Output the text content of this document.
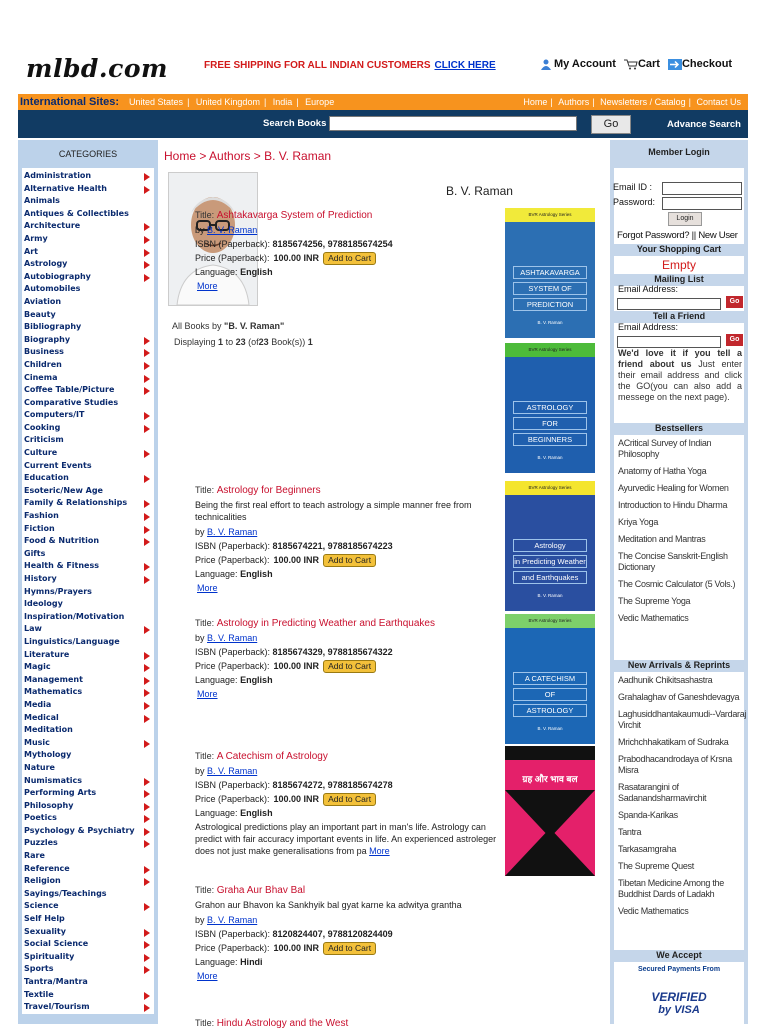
mlbd.com	FREE SHIPPING FOR ALL INDIAN CUSTOMERS CLICK HERE	My Account	Cart	Checkout
International Sites:	United States | United Kingdom | India | Europe	Home | Authors | Newsletters / Catalog | Contact Us
Search Books	Go	Advance Search
CATEGORIES
Administration
Alternative Health
Animals
Antiques & Collectibles
Architecture
Army
Art
Astrology
Autobiography
Automobiles
Aviation
Beauty
Bibliography
Biography
Business
Children
Cinema
Coffee Table/Picture
Comparative Studies
Computers/IT
Cooking
Criticism
Culture
Current Events
Education
Esoteric/New Age
Family & Relationships
Fashion
Fiction
Food & Nutrition
Gifts
Health & Fitness
History
Hymns/Prayers
Ideology
Inspiration/Motivation
Law
Linguistics/Language
Literature
Magic
Management
Mathematics
Media
Medical
Meditation
Music
Mythology
Nature
Numismatics
Performing Arts
Philosophy
Poetics
Psychology & Psychiatry
Puzzles
Rare
Reference
Religion
Sayings/Teachings
Science
Self Help
Sexuality
Social Science
Spirituality
Sports
Tantra/Mantra
Textile
Travel/Tourism
Home > Authors > B. V. Raman
B. V. Raman
All Books by "B. V. Raman"
Displaying 1 to 23 (of23 Book(s)) 1
Title: Ashtakavarga System of Prediction
by B. V. Raman
ISBN (Paperback): 8185674256, 9788185674254
Price (Paperback): 100.00 INR	Add to Cart
Language: English
More
Title: Astrology for Beginners
Being the first real effort to teach astrology a simple manner free from technicalities
by B. V. Raman
ISBN (Paperback): 8185674221, 9788185674223
Price (Paperback): 100.00 INR	Add to Cart
Language: English
More
Title: Astrology in Predicting Weather and Earthquakes
by B. V. Raman
ISBN (Paperback): 8185674329, 9788185674322
Price (Paperback): 100.00 INR	Add to Cart
Language: English
More
Title: A Catechism of Astrology
by B. V. Raman
ISBN (Paperback): 8185674272, 9788185674278
Price (Paperback): 100.00 INR	Add to Cart
Language: English
Astrological predictions play an important part in man's life. Astrology can predict with fair accuracy important events in life. An experienced astroleger does not just make generalisations from pa More
Title: Graha Aur Bhav Bal
Grahon aur Bhavon ka Sankhyik bal gyat karne ka adwitya grantha
by B. V. Raman
ISBN (Paperback): 8120824407, 9788120824409
Price (Paperback): 100.00 INR	Add to Cart
Language: Hindi
More
Title: Hindu Astrology and the West
BVR Astrology Series
ASHTAKAVARGA
SYSTEM OF
PREDICTION
B. V. Raman
BVR Astrology Series
ASTROLOGY
FOR
BEGINNERS
B. V. Raman
BVR Astrology Series
Astrology
in Predicting Weather
and Earthquakes
B. V. Raman
BVR Astrology Series
A CATECHISM
OF
ASTROLOGY
B. V. Raman
ग्रह और भाव बल
Member Login
Email ID :
Password:
Login
Forgot Password? || New User
Your Shopping Cart
Empty
Mailing List
Email Address:
Go
Tell a Friend
Email Address:
Go
We'd love it if you tell a friend about us Just enter their email address and click the GO(you can also add a messege on the next page).
Bestsellers
ACritical Survey of Indian Philosophy
Anatomy of Hatha Yoga
Ayurvedic Healing for Women
Introduction to Hindu Dharma
Kriya Yoga
Meditation and Mantras
The Concise Sanskrit-English Dictionary
The Cosmic Calculator (5 Vols.)
The Supreme Yoga
Vedic Mathematics
New Arrivals & Reprints
Aadhunik Chikitsashastra
Grahalaghav of Ganeshdevagya
Laghusiddhantakaumudi--Vardaraj Virchit
Mrichchhakatikam of Sudraka
Prabodhacandrodaya of Krsna Misra
Rasatarangini of Sadanandsharmavirchit
Spanda-Karikas
Tantra
Tarkasamgraha
The Supreme Quest
Tibetan Medicine Among the Buddhist Dards of Ladakh
Vedic Mathematics
We Accept
Secured Payments From
VERIFIED
by VISA
